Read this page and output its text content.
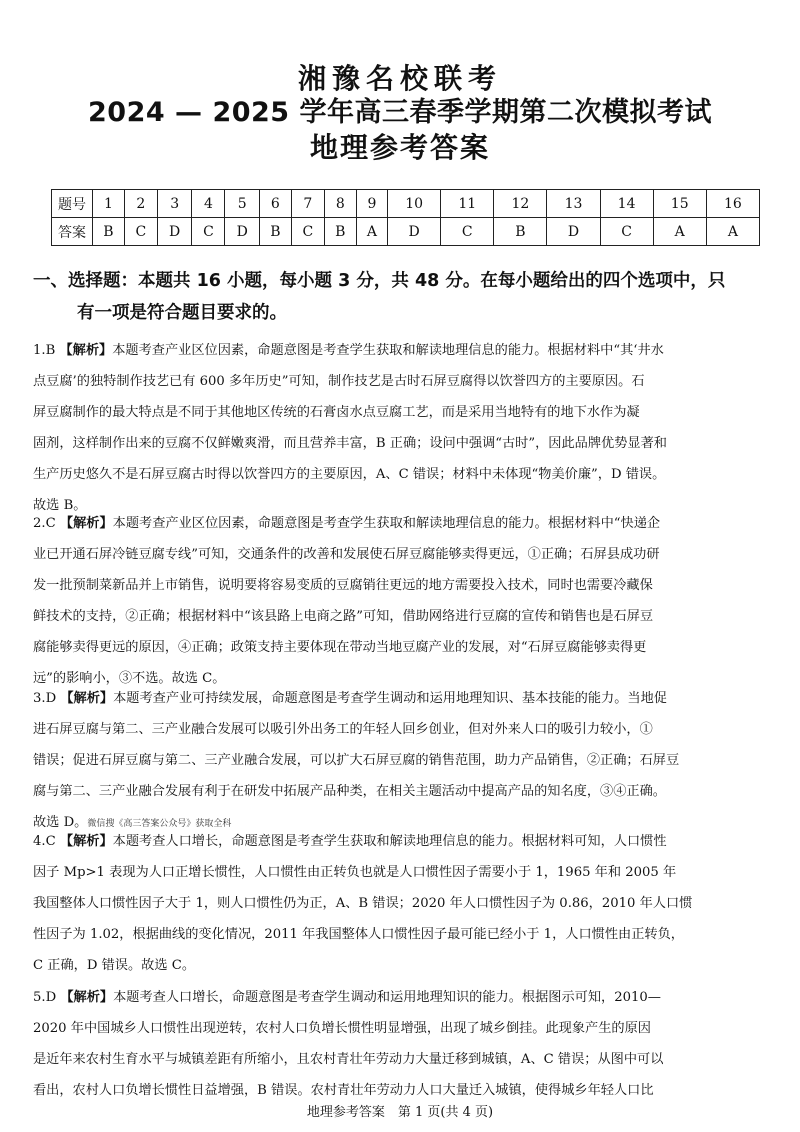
湘豫名校联考
2024 — 2025 学年高三春季学期第二次模拟考试
地理参考答案
题号	1	2	3	4	5	6	7	8	9	10	11	12	13	14	15	16
答案	B	C	D	C	D	B	C	B	A	D	C	B	D	C	A	A
一、选择题：本题共 16 小题，每小题 3 分，共 48 分。在每小题给出的四个选项中，只
有一项是符合题目要求的。
1.B 【解析】本题考查产业区位因素，命题意图是考查学生获取和解读地理信息的能力。根据材料中“其‘井水
点豆腐’的独特制作技艺已有 600 多年历史”可知，制作技艺是古时石屏豆腐得以饮誉四方的主要原因。石
屏豆腐制作的最大特点是不同于其他地区传统的石膏卤水点豆腐工艺，而是采用当地特有的地下水作为凝
固剂，这样制作出来的豆腐不仅鲜嫩爽滑，而且营养丰富，B 正确；设问中强调“古时”，因此品牌优势显著和
生产历史悠久不是石屏豆腐古时得以饮誉四方的主要原因，A、C 错误；材料中未体现“物美价廉”，D 错误。
故选 B。
2.C 【解析】本题考查产业区位因素，命题意图是考查学生获取和解读地理信息的能力。根据材料中“快递企
业已开通石屏冷链豆腐专线”可知，交通条件的改善和发展使石屏豆腐能够卖得更远，①正确；石屏县成功研
发一批预制菜新品并上市销售，说明要将容易变质的豆腐销往更远的地方需要投入技术，同时也需要冷藏保
鲜技术的支持，②正确；根据材料中“该县路上电商之路”可知，借助网络进行豆腐的宣传和销售也是石屏豆
腐能够卖得更远的原因，④正确；政策支持主要体现在带动当地豆腐产业的发展，对“石屏豆腐能够卖得更
远”的影响小，③不选。故选 C。
3.D 【解析】本题考查产业可持续发展，命题意图是考查学生调动和运用地理知识、基本技能的能力。当地促
进石屏豆腐与第二、三产业融合发展可以吸引外出务工的年轻人回乡创业，但对外来人口的吸引力较小，①
错误；促进石屏豆腐与第二、三产业融合发展，可以扩大石屏豆腐的销售范围，助力产品销售，②正确；石屏豆
腐与第二、三产业融合发展有利于在研发中拓展产品种类，在相关主题活动中提高产品的知名度，③④正确。
故选 D。微信搜《高三答案公众号》获取全科
4.C 【解析】本题考查人口增长，命题意图是考查学生获取和解读地理信息的能力。根据材料可知，人口惯性
因子 Mp>1 表现为人口正增长惯性，人口惯性由正转负也就是人口惯性因子需要小于 1，1965 年和 2005 年
我国整体人口惯性因子大于 1，则人口惯性仍为正，A、B 错误；2020 年人口惯性因子为 0.86，2010 年人口惯
性因子为 1.02，根据曲线的变化情况，2011 年我国整体人口惯性因子最可能已经小于 1，人口惯性由正转负，
C 正确，D 错误。故选 C。
5.D 【解析】本题考查人口增长，命题意图是考查学生调动和运用地理知识的能力。根据图示可知，2010—
2020 年中国城乡人口惯性出现逆转，农村人口负增长惯性明显增强，出现了城乡倒挂。此现象产生的原因
是近年来农村生育水平与城镇差距有所缩小，且农村青壮年劳动力大量迁移到城镇，A、C 错误；从图中可以
看出，农村人口负增长惯性日益增强，B 错误。农村青壮年劳动力人口大量迁入城镇，使得城乡年轻人口比
地理参考答案　第 1 页(共 4 页)
